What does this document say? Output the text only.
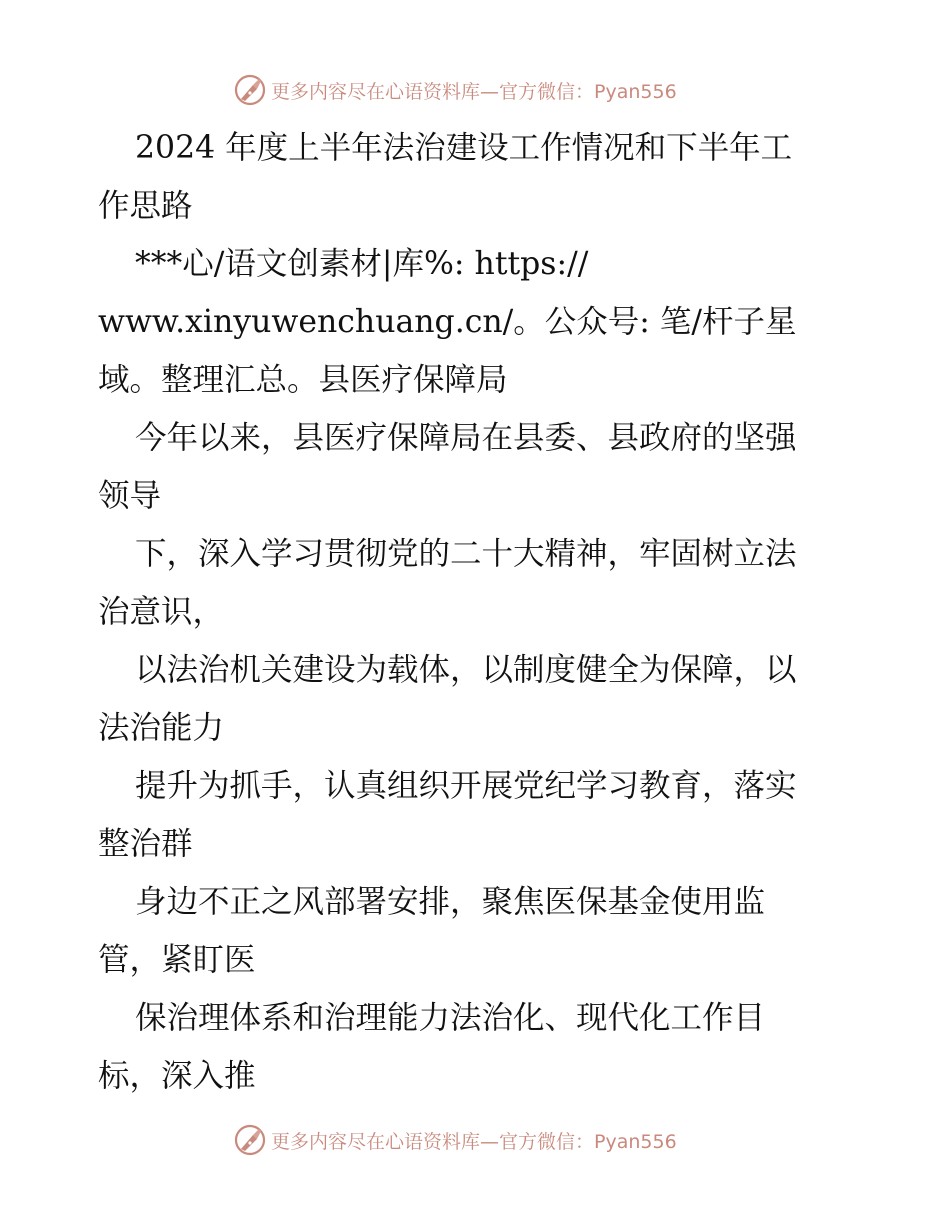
更多内容尽在心语资料库—官方微信：Pyan556
2024 年度上半年法治建设工作情况和下半年工
作思路
***心/语文创素材|库%: https://
www.xinyuwenchuang.cn/。公众号: 笔/杆子星
域。整理汇总。县医疗保障局
今年以来，县医疗保障局在县委、县政府的坚强
领导
下，深入学习贯彻党的二十大精神，牢固树立法
治意识，
以法治机关建设为载体，以制度健全为保障，以
法治能力
提升为抓手，认真组织开展党纪学习教育，落实
整治群
身边不正之风部署安排，聚焦医保基金使用监
管，紧盯医
保治理体系和治理能力法治化、现代化工作目
标，深入推
更多内容尽在心语资料库—官方微信：Pyan556
